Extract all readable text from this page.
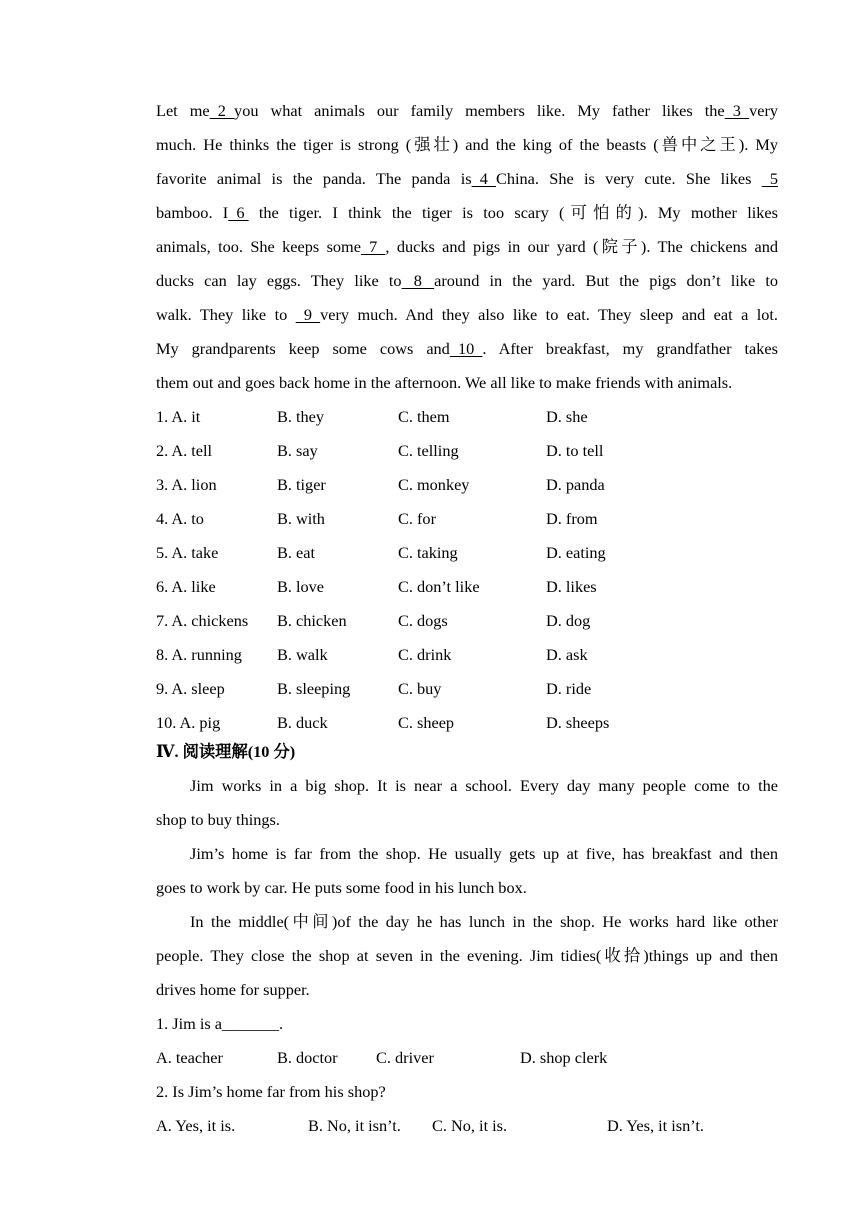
Let me  2  you what animals our family members like. My father likes the  3  very
much. He thinks the tiger is strong (强壮) and the king of the beasts (兽中之王). My
favorite animal is the panda. The panda is  4  China. She is very cute. She likes   5
bamboo. I  6  the tiger. I think the tiger is too scary (可怕的). My mother likes
animals, too. She keeps some  7  , ducks and pigs in our yard (院子). The chickens and
ducks can lay eggs. They like to   8   around in the yard. But the pigs don’t like to
walk. They like to   9  very much. And they also like to eat. They sleep and eat a lot.
My grandparents keep some cows and  10  . After breakfast, my grandfather takes
them out and goes back home in the afternoon. We all like to make friends with animals.
1. A. it	B. they	C. them	D. she
2. A. tell	B. say	C. telling	D. to tell
3. A. lion	B. tiger	C. monkey	D. panda
4. A. to	B. with	C. for	D. from
5. A. take	B. eat	C. taking	D. eating
6. A. like	B. love	C. don’t like	D. likes
7. A. chickens B. chicken	C. dogs	D. dog
8. A. running B. walk	C. drink	D. ask
9. A. sleep	B. sleeping	C. buy	D. ride
10. A. pig	B. duck	C. sheep	D. sheeps
Ⅳ. 阅读理解(10 分)
Jim works in a big shop. It is near a school. Every day many people come to the
shop to buy things.
Jim’s home is far from the shop. He usually gets up at five, has breakfast and then
goes to work by car. He puts some food in his lunch box.
In the middle(中间)of the day he has lunch in the shop. He works hard like other
people. They close the shop at seven in the evening. Jim tidies(收拾)things up and then
drives home for supper.
1. Jim is a_______.
A. teacher	B. doctor C. driver	D. shop clerk
2. Is Jim’s home far from his shop?
A. Yes, it is.	B. No, it isn’t. C. No, it is.	D. Yes, it isn’t.
